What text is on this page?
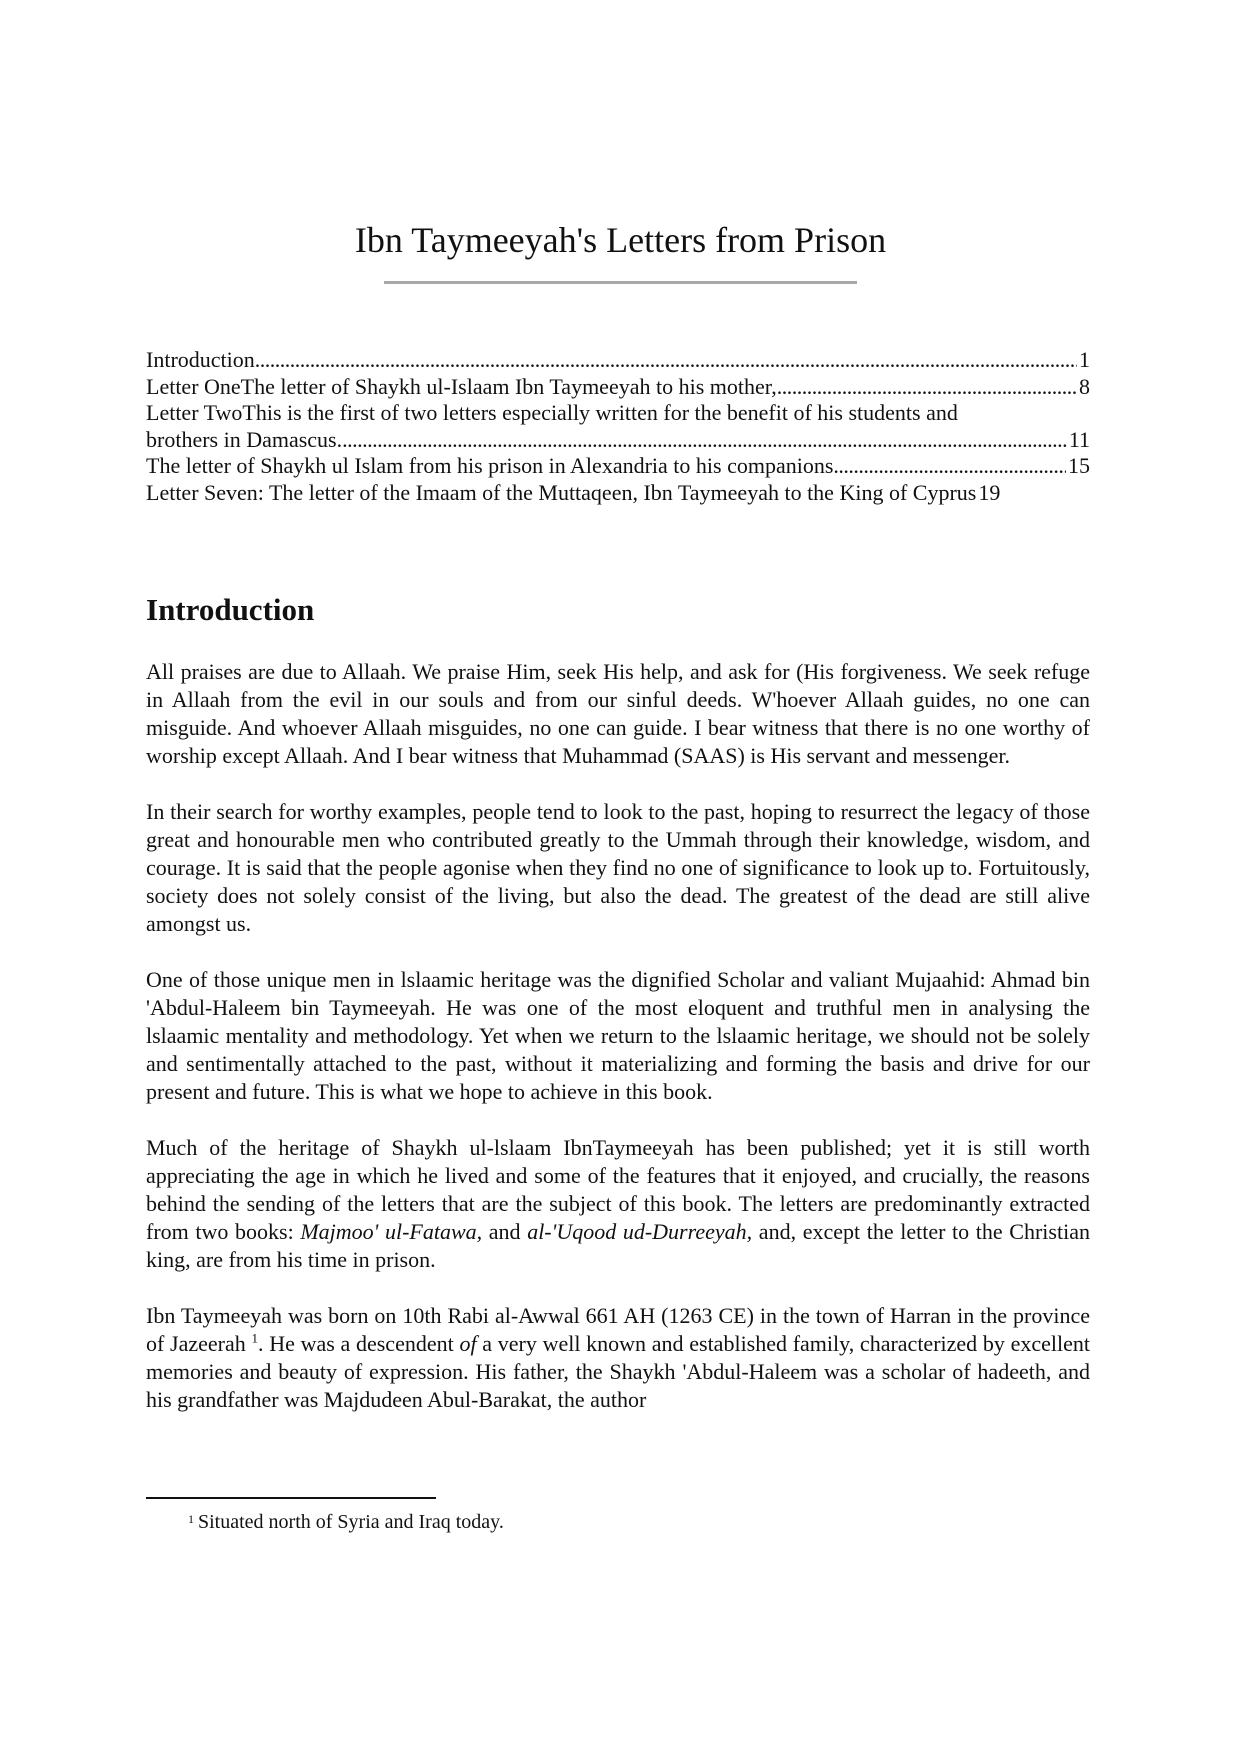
Ibn Taymeeyah's Letters from Prison
Introduction . . .	1
Letter OneThe letter of Shaykh ul-Islaam Ibn Taymeeyah to his mother, . . .	8
Letter TwoThis is the first of two letters especially written for the benefit of his students and
brothers in Damascus. . . .	11
The letter of Shaykh ul Islam from his prison in Alexandria to his companions . . .	15
Letter Seven: The letter of the Imaam of the Muttaqeen, Ibn Taymeeyah to the King of Cyprus 19
Introduction

All praises are due to Allaah. We praise Him, seek His help, and ask for (His forgiveness. We seek refuge in Allaah from the evil in our souls and from our sinful deeds. W'hoever Allaah guides, no one can misguide. And whoever Allaah misguides, no one can guide. I bear witness that there is no one worthy of worship except Allaah. And I bear witness that Muhammad (SAAS) is His servant and messenger.

In their search for worthy examples, people tend to look to the past, hoping to resurrect the legacy of those great and honourable men who contributed greatly to the Ummah through their knowledge, wisdom, and courage. It is said that the people agonise when they find no one of significance to look up to. Fortuitously, society does not solely consist of the living, but also the dead. The greatest of the dead are still alive amongst us.

One of those unique men in lslaamic heritage was the dignified Scholar and valiant Mujaahid: Ahmad bin 'Abdul-Haleem bin Taymeeyah. He was one of the most eloquent and truthful men in analysing the lslaamic mentality and methodology. Yet when we return to the lslaamic heritage, we should not be solely and sentimentally attached to the past, without it materializing and forming the basis and drive for our present and future. This is what we hope to achieve in this book.

Much of the heritage of Shaykh ul-lslaam IbnTaymeeyah has been published; yet it is still worth appreciating the age in which he lived and some of the features that it enjoyed, and crucially, the reasons behind the sending of the letters that are the subject of this book. The letters are predominantly extracted from two books: Majmoo' ul-Fatawa, and al-'Uqood ud-Durreeyah, and, except the letter to the Christian king, are from his time in prison.

Ibn Taymeeyah was born on 10th Rabi al-Awwal 661 AH (1263 CE) in the town of Harran in the province of Jazeerah $^1$. He was a descendent of a very well known and established family, characterized by excellent memories and beauty of expression. His father, the Shaykh 'Abdul-Haleem was a scholar of hadeeth, and his grandfather was Majdudeen Abul-Barakat, the author

$^1$ Situated north of Syria and Iraq today.
